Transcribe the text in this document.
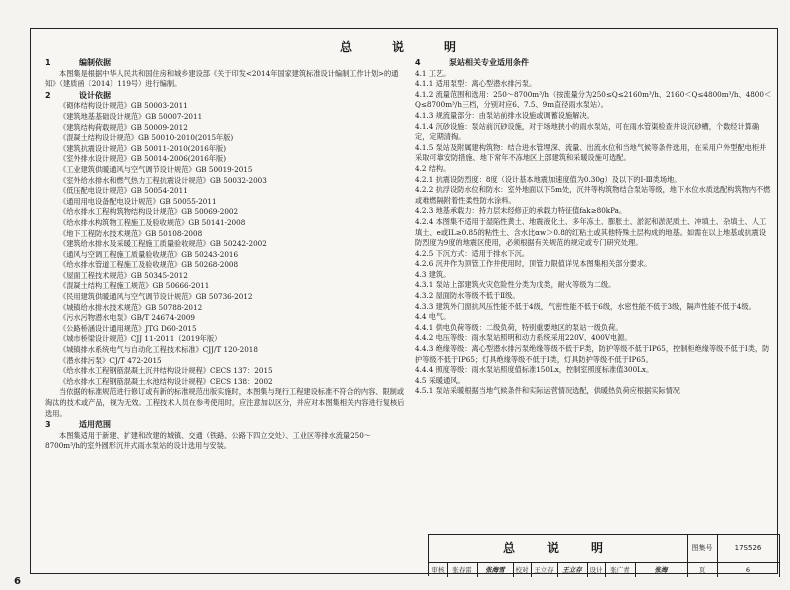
总　说　明
1	编制依据
本图集是根据中华人民共和国住房和城乡建设部《关于印发<2014年国家建筑标准设计编制工作计划>的通知》（建质函〔2014〕119号）进行编制。
2	设计依据
《砌体结构设计规范》GB 50003-2011
《建筑地基基础设计规范》GB 50007-2011
《建筑结构荷载规范》GB 50009-2012
《混凝土结构设计规范》GB 50010-2010(2015年版)
《建筑抗震设计规范》GB 50011-2010(2016年版)
《室外排水设计规范》GB 50014-2006(2016年版)
《工业建筑供暖通风与空气调节设计规范》GB 50019-2015
《室外给水排水和燃气热力工程抗震设计规范》GB 50032-2003
《低压配电设计规范》GB 50054-2011
《通用用电设备配电设计规范》GB 50055-2011
《给水排水工程构筑物结构设计规范》GB 50069-2002
《给水排水构筑物工程施工及验收规范》GB 50141-2008
《地下工程防水技术规范》GB 50108-2008
《建筑给水排水及采暖工程施工质量验收规范》GB 50242-2002
《通风与空调工程施工质量验收规范》GB 50243-2016
《给水排水管道工程施工及验收规范》GB 50268-2008
《屋面工程技术规范》GB 50345-2012
《混凝土结构工程施工规范》GB 50666-2011
《民用建筑供暖通风与空气调节设计规范》GB 50736-2012
《城镇给水排水技术规范》GB 50788-2012
《污水污物潜水电泵》GB/T 24674-2009
《公路桥涵设计通用规范》JTG D60-2015
《城市桥梁设计规范》CJJ 11-2011（2019年版）
《城镇排水系统电气与自动化工程技术标准》CJJ/T 120-2018
《潜水排污泵》CJ/T 472-2015
《给水排水工程钢筋混凝土沉井结构设计规程》CECS 137：2015
《给水排水工程钢筋混凝土水池结构设计规程》CECS 138：2002
当依据的标准规范进行修订或有新的标准规范出版实施时，本图集与现行工程建设标准不符合的内容、限制或淘汰的技术或产品，视为无效。工程技术人员在参考使用时，应注意加以区分，并应对本图集相关内容进行复核后选用。
3	适用范围
本图集适用于新建、扩建和改建的城镇、交通（铁路、公路下四立交处）、工业区等排水流量250～8700m³/h的室外圆形沉井式雨水泵站的设计选用与安装。
4	泵站相关专业适用条件
4.1 工艺。
4.1.1 适用泵型：离心型潜水排污泵。
4.1.2 流量范围和选用：250～8700m³/h（按流量分为250≤Q≤2160m³/h、2160＜Q≤4800m³/h、4800＜Q≤8700m³/h三档，分别对应6、7.5、9m直径雨水泵站）。
4.1.3 规流量部分：由泵站前排水设施或调蓄设施解决。
4.1.4 沉砂设施：泵站前沉砂设施，对于场地狭小的雨水泵站，可在雨水管渠检查井设沉砂槽，个数经计算确定，定期清掏。
4.1.5 泵站及附属建构筑物：结合进水管埋深、流量、出流水位和当地气候等条件选用，在采用户外型配电柜并采取可靠安防措施、地下常年不冻地区上部建筑和采暖设施可选配。
4.2 结构。
4.2.1 抗震设防烈度：8度（设计基本地震加速度值为0.30g）及以下的Ⅰ-Ⅲ类场地。
4.2.2 抗浮设防水位和防水：室外地面以下5m处，沉井等构筑物结合泵站等级，地下水位水质选配构筑物内不燃或难燃隔附着性柔性防水涂料。
4.2.3 地基承载力：持力层未经修正的承载力特征值fak≥80kPa。
4.2.4 本图集不适用于湿陷性黄土、地震液化土、多年冻土、膨胀土、淤泥和淤泥质土、冲填土、杂填土、人工填土、e或IL≥0.85的粘性土、含水比αw＞0.8的红粘土或其他特殊土层构成的地基。如需在以上地基或抗震设防烈度为9度的地震区使用，必须根据有关规范的规定或专门研究处理。
4.2.5 下沉方式：适用于排水下沉。
4.2.6 沉井作为顶管工作井使用时，顶管力限值详见本图集相关部分要求。
4.3 建筑。
4.3.1 泵站上部建筑火灾危险性分类为戊类，耐火等级为二级。
4.3.2 屋面防水等级不低于Ⅱ级。
4.3.3 建筑外门窗抗风压性能不低于4级，气密性能不低于6级，水密性能不低于3级，隔声性能不低于4级。
4.4 电气。
4.4.1 供电负荷等级：二级负荷，特别重要地区的泵站一级负荷。
4.4.2 电压等级：雨水泵站照明和动力系统采用220V、400V电源。
4.4.3 绝缘等级：离心型潜水排污泵绝缘等级不低于F类，防护等级不低于IP65，控制柜绝缘等级不低于Ⅰ类，防护等级不低于IP65；灯具绝缘等级不低于Ⅰ类，灯具防护等级不低于IP65。
4.4.4 照度等级：雨水泵站照度值标准150Lx，控制室照度标准值300Lx。
4.5 采暖通风。
4.5.1 泵站采暖根据当地气候条件和实际运营情况选配，供暖热负荷应根据实际情况
总　说　明	图集号	17S526
审核	张春雷	张海雪	校对 王立存	王立存	设计	张广青	张海	页	6
6
